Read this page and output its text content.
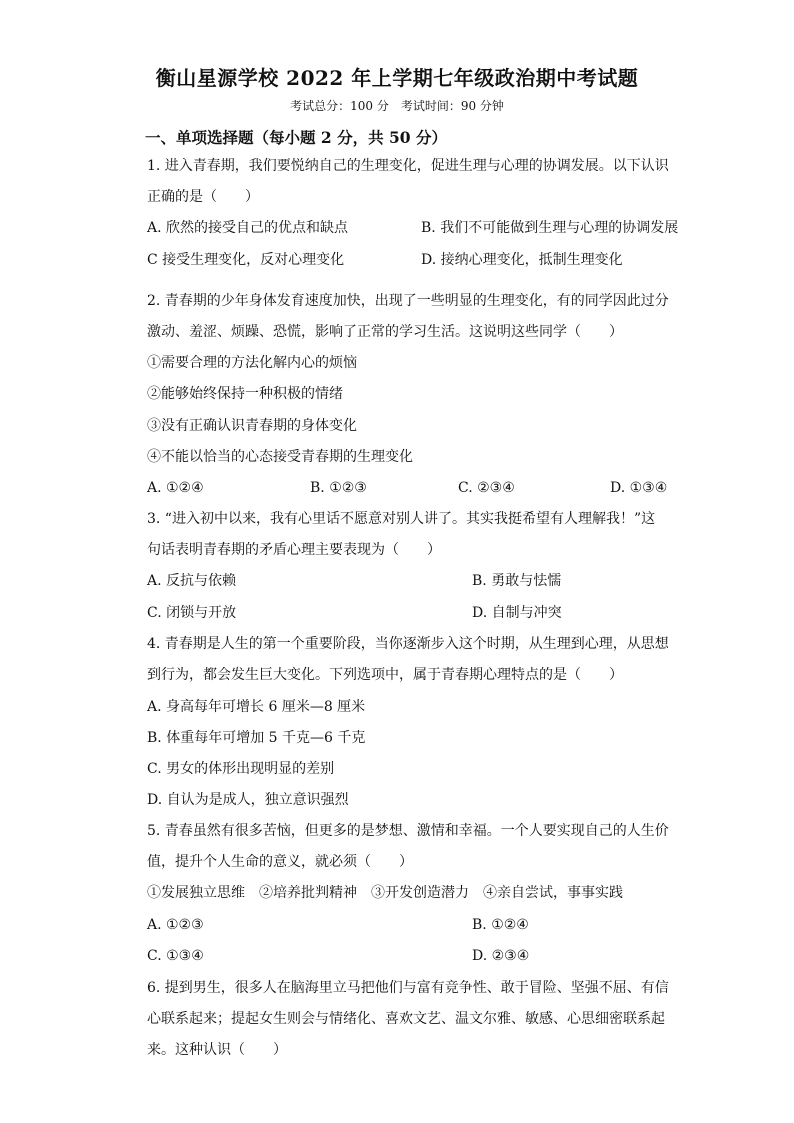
衡山星源学校 2022 年上学期七年级政治期中考试题
考试总分：100 分　考试时间：90 分钟
一、单项选择题（每小题 2 分，共 50 分）
1. 进入青春期，我们要悦纳自己的生理变化，促进生理与心理的协调发展。以下认识
正确的是（　　）
A. 欣然的接受自己的优点和缺点	B. 我们不可能做到生理与心理的协调发展
C 接受生理变化，反对心理变化	D. 接纳心理变化，抵制生理变化
2. 青春期的少年身体发育速度加快，出现了一些明显的生理变化，有的同学因此过分
激动、羞涩、烦躁、恐慌，影响了正常的学习生活。这说明这些同学（　　）
①需要合理的方法化解内心的烦恼
②能够始终保持一种积极的情绪
③没有正确认识青春期的身体变化
④不能以恰当的心态接受青春期的生理变化
A. ①②④	B. ①②③	C. ②③④	D. ①③④
3. “进入初中以来，我有心里话不愿意对别人讲了。其实我挺希望有人理解我！”这
句话表明青春期的矛盾心理主要表现为（　　）
A. 反抗与依赖	B. 勇敢与怯懦
C. 闭锁与开放	D. 自制与冲突
4. 青春期是人生的第一个重要阶段，当你逐渐步入这个时期，从生理到心理，从思想
到行为，都会发生巨大变化。下列选项中，属于青春期心理特点的是（　　）
A. 身高每年可增长 6 厘米—8 厘米
B. 体重每年可增加 5 千克—6 千克
C. 男女的体形出现明显的差别
D. 自认为是成人，独立意识强烈
5. 青春虽然有很多苦恼，但更多的是梦想、激情和幸福。一个人要实现自己的人生价
值，提升个人生命的意义，就必须（　　）
①发展独立思维　②培养批判精神　③开发创造潜力　④亲自尝试，事事实践
A. ①②③	B. ①②④
C. ①③④	D. ②③④
6. 提到男生，很多人在脑海里立马把他们与富有竞争性、敢于冒险、坚强不屈、有信
心联系起来；提起女生则会与情绪化、喜欢文艺、温文尔雅、敏感、心思细密联系起
来。这种认识（　　）
